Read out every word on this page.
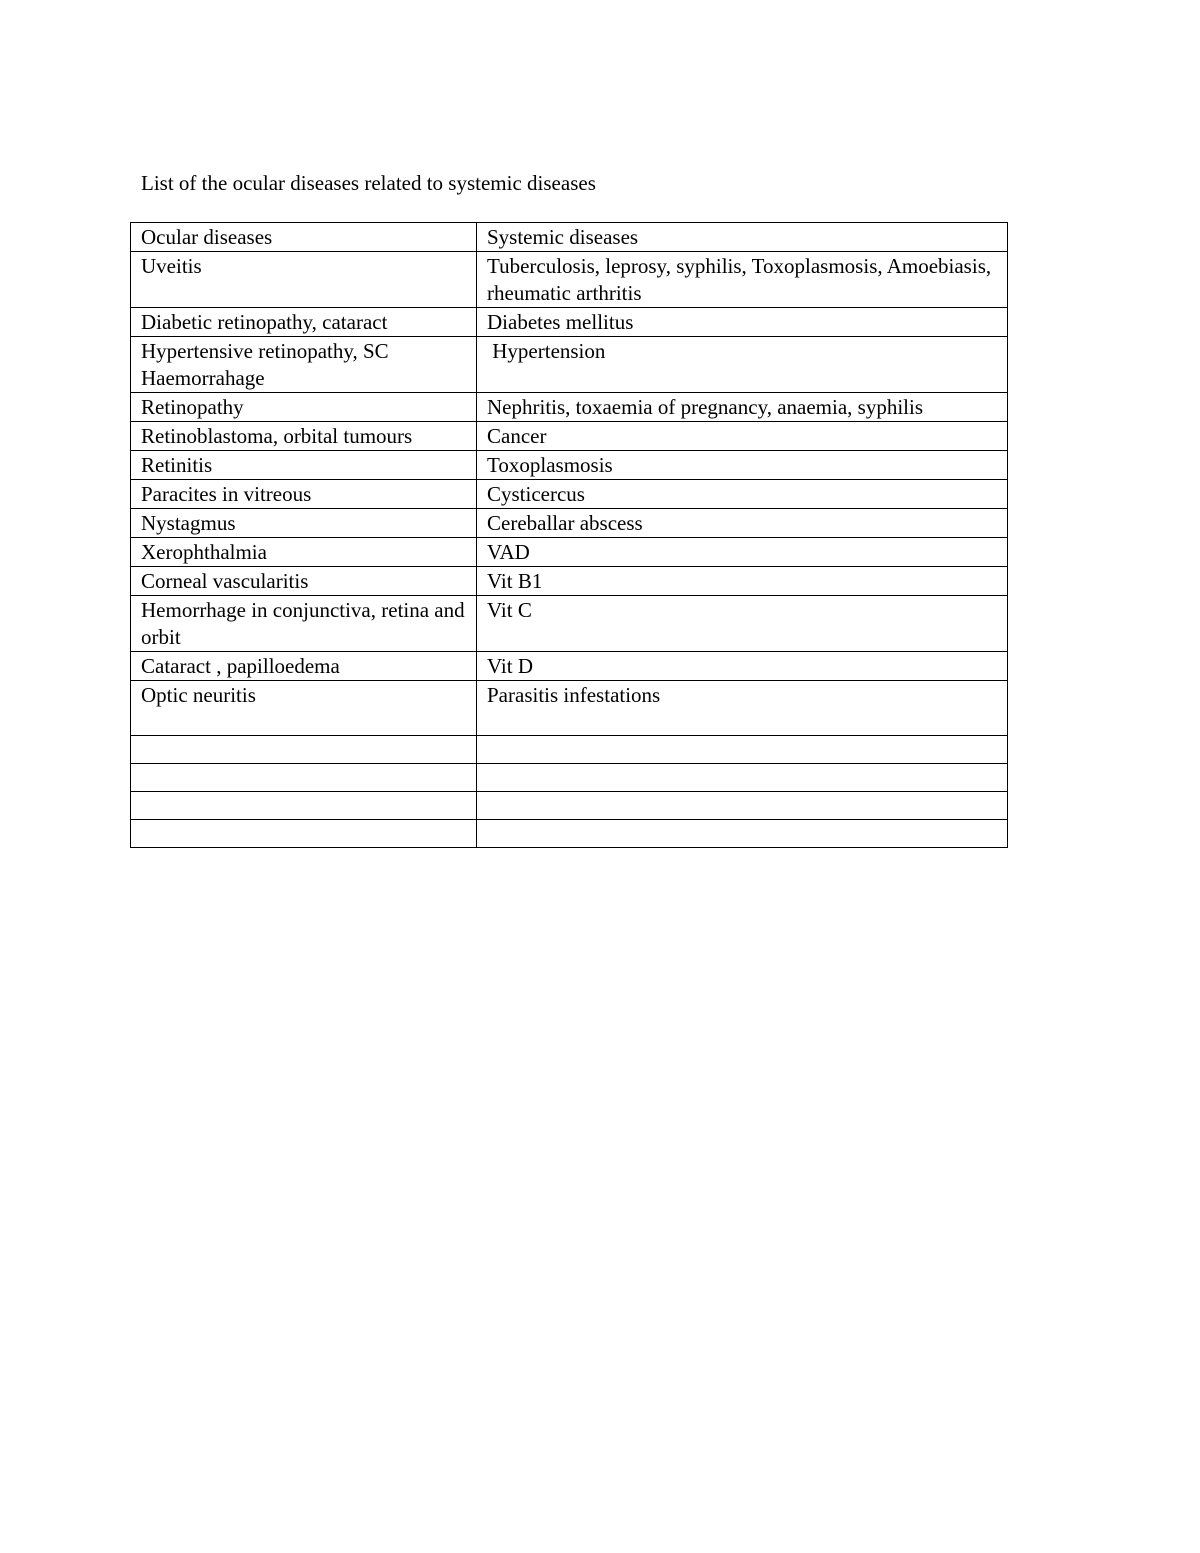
List of the ocular diseases related to systemic diseases
Ocular diseases	Systemic diseases
Uveitis	Tuberculosis, leprosy, syphilis, Toxoplasmosis, Amoebiasis,  rheumatic arthritis
Diabetic retinopathy, cataract	Diabetes mellitus
Hypertensive retinopathy, SC Haemorrahage	Hypertension
Retinopathy	Nephritis, toxaemia of pregnancy, anaemia, syphilis
Retinoblastoma, orbital tumours	Cancer
Retinitis	Toxoplasmosis
Paracites in vitreous	Cysticercus
Nystagmus	Cereballar abscess
Xerophthalmia	VAD
Corneal vascularitis	Vit B1
Hemorrhage in conjunctiva, retina and orbit	Vit C
Cataract , papilloedema	Vit D
Optic neuritis	Parasitis infestations
